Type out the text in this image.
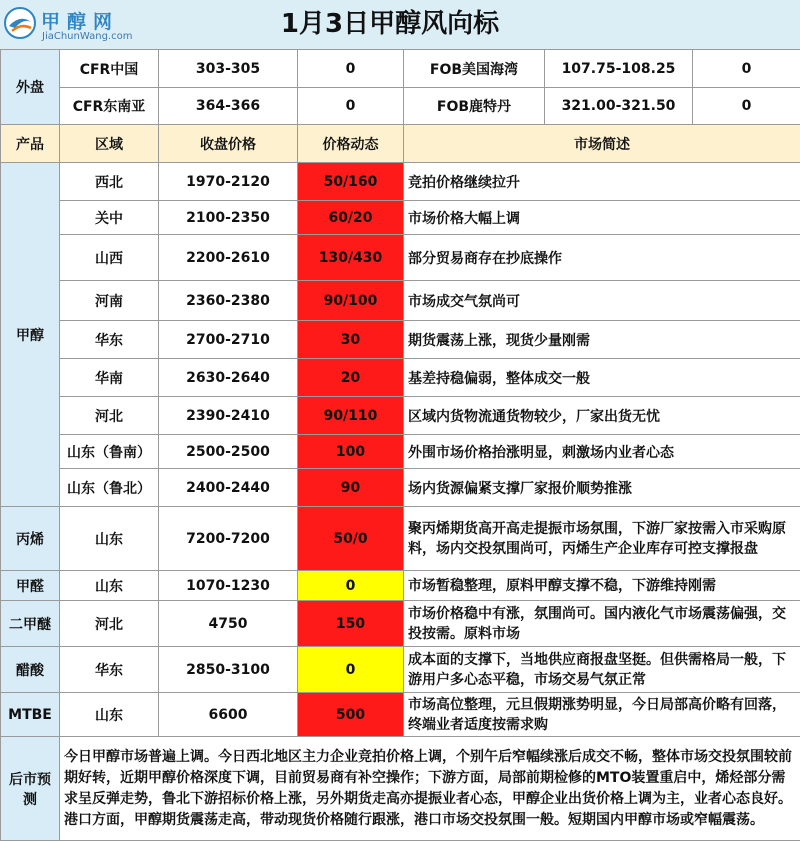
甲醇网
JiaChunWang.com	1月3日甲醇风向标
外盘	CFR中国	303-305	0	FOB美国海湾	107.75-108.25	0
	CFR东南亚	364-366	0	FOB鹿特丹	321.00-321.50	0
产品	区域	收盘价格	价格动态	市场简述		
甲醇	西北	1970-2120	50/160	竞拍价格继续拉升		
	关中	2100-2350	60/20	市场价格大幅上调		
	山西	2200-2610	130/430	部分贸易商存在抄底操作		
	河南	2360-2380	90/100	市场成交气氛尚可		
	华东	2700-2710	30	期货震荡上涨，现货少量刚需		
	华南	2630-2640	20	基差持稳偏弱，整体成交一般		
	河北	2390-2410	90/110	区域内货物流通货物较少，厂家出货无忧		
	山东（鲁南）	2500-2500	100	外围市场价格抬涨明显，刺激场内业者心态		
	山东（鲁北）	2400-2440	90	场内货源偏紧支撑厂家报价顺势推涨		
丙烯	山东	7200-7200	50/0	聚丙烯期货高开高走提振市场氛围，下游厂家按需入市采购原料，场内交投氛围尚可，丙烯生产企业库存可控支撑报盘		
甲醛	山东	1070-1230	0	市场暂稳整理，原料甲醇支撑不稳，下游维持刚需		
二甲醚	河北	4750	150	市场价格稳中有涨，氛围尚可。国内液化气市场震荡偏强，交投按需。原料市场		
醋酸	华东	2850-3100	0	成本面的支撑下，当地供应商报盘坚挺。但供需格局一般，下游用户多心态平稳，市场交易气氛正常		
MTBE	山东	6600	500	市场高位整理，元旦假期涨势明显，今日局部高价略有回落，终端业者适度按需求购		
后市预测	今日甲醇市场普遍上调。今日西北地区主力企业竞拍价格上调，个别午后窄幅续涨后成交不畅，整体市场交投氛围较前期好转，近期甲醇价格深度下调，目前贸易商有补空操作；下游方面，局部前期检修的MTO装置重启中，烯烃部分需求呈反弹走势，鲁北下游招标价格上涨，另外期货走高亦提振业者心态，甲醇企业出货价格上调为主，业者心态良好。港口方面，甲醇期货震荡走高，带动现货价格随行跟涨，港口市场交投氛围一般。短期国内甲醇市场或窄幅震荡。					
